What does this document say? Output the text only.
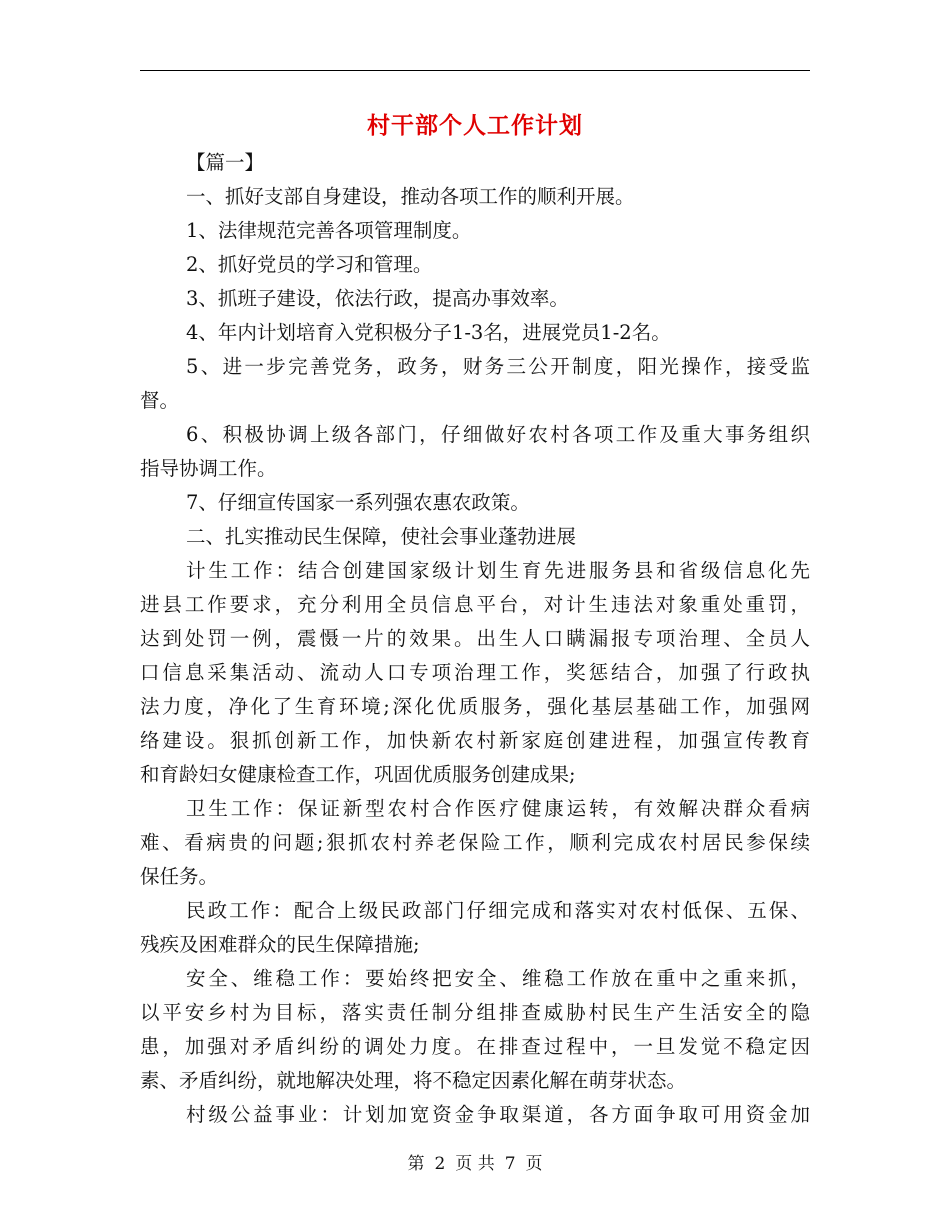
村干部个人工作计划
【篇一】
一、抓好支部自身建设，推动各项工作的顺利开展。
1、法律规范完善各项管理制度。
2、抓好党员的学习和管理。
3、抓班子建设，依法行政，提高办事效率。
4、年内计划培育入党积极分子1-3名，进展党员1-2名。
5、进一步完善党务，政务，财务三公开制度，阳光操作，接受监
督。
6、积极协调上级各部门，仔细做好农村各项工作及重大事务组织
指导协调工作。
7、仔细宣传国家一系列强农惠农政策。
二、扎实推动民生保障，使社会事业蓬勃进展
计生工作：结合创建国家级计划生育先进服务县和省级信息化先
进县工作要求，充分利用全员信息平台，对计生违法对象重处重罚，
达到处罚一例，震慑一片的效果。出生人口瞒漏报专项治理、全员人
口信息采集活动、流动人口专项治理工作，奖惩结合，加强了行政执
法力度，净化了生育环境;深化优质服务，强化基层基础工作，加强网
络建设。狠抓创新工作，加快新农村新家庭创建进程，加强宣传教育
和育龄妇女健康检查工作，巩固优质服务创建成果;
卫生工作：保证新型农村合作医疗健康运转，有效解决群众看病
难、看病贵的问题;狠抓农村养老保险工作，顺利完成农村居民参保续
保任务。
民政工作：配合上级民政部门仔细完成和落实对农村低保、五保、
残疾及困难群众的民生保障措施;
安全、维稳工作：要始终把安全、维稳工作放在重中之重来抓，
以平安乡村为目标，落实责任制分组排查威胁村民生产生活安全的隐
患，加强对矛盾纠纷的调处力度。在排查过程中，一旦发觉不稳定因
素、矛盾纠纷，就地解决处理，将不稳定因素化解在萌芽状态。
村级公益事业：计划加宽资金争取渠道，各方面争取可用资金加
第 2 页 共 7 页
